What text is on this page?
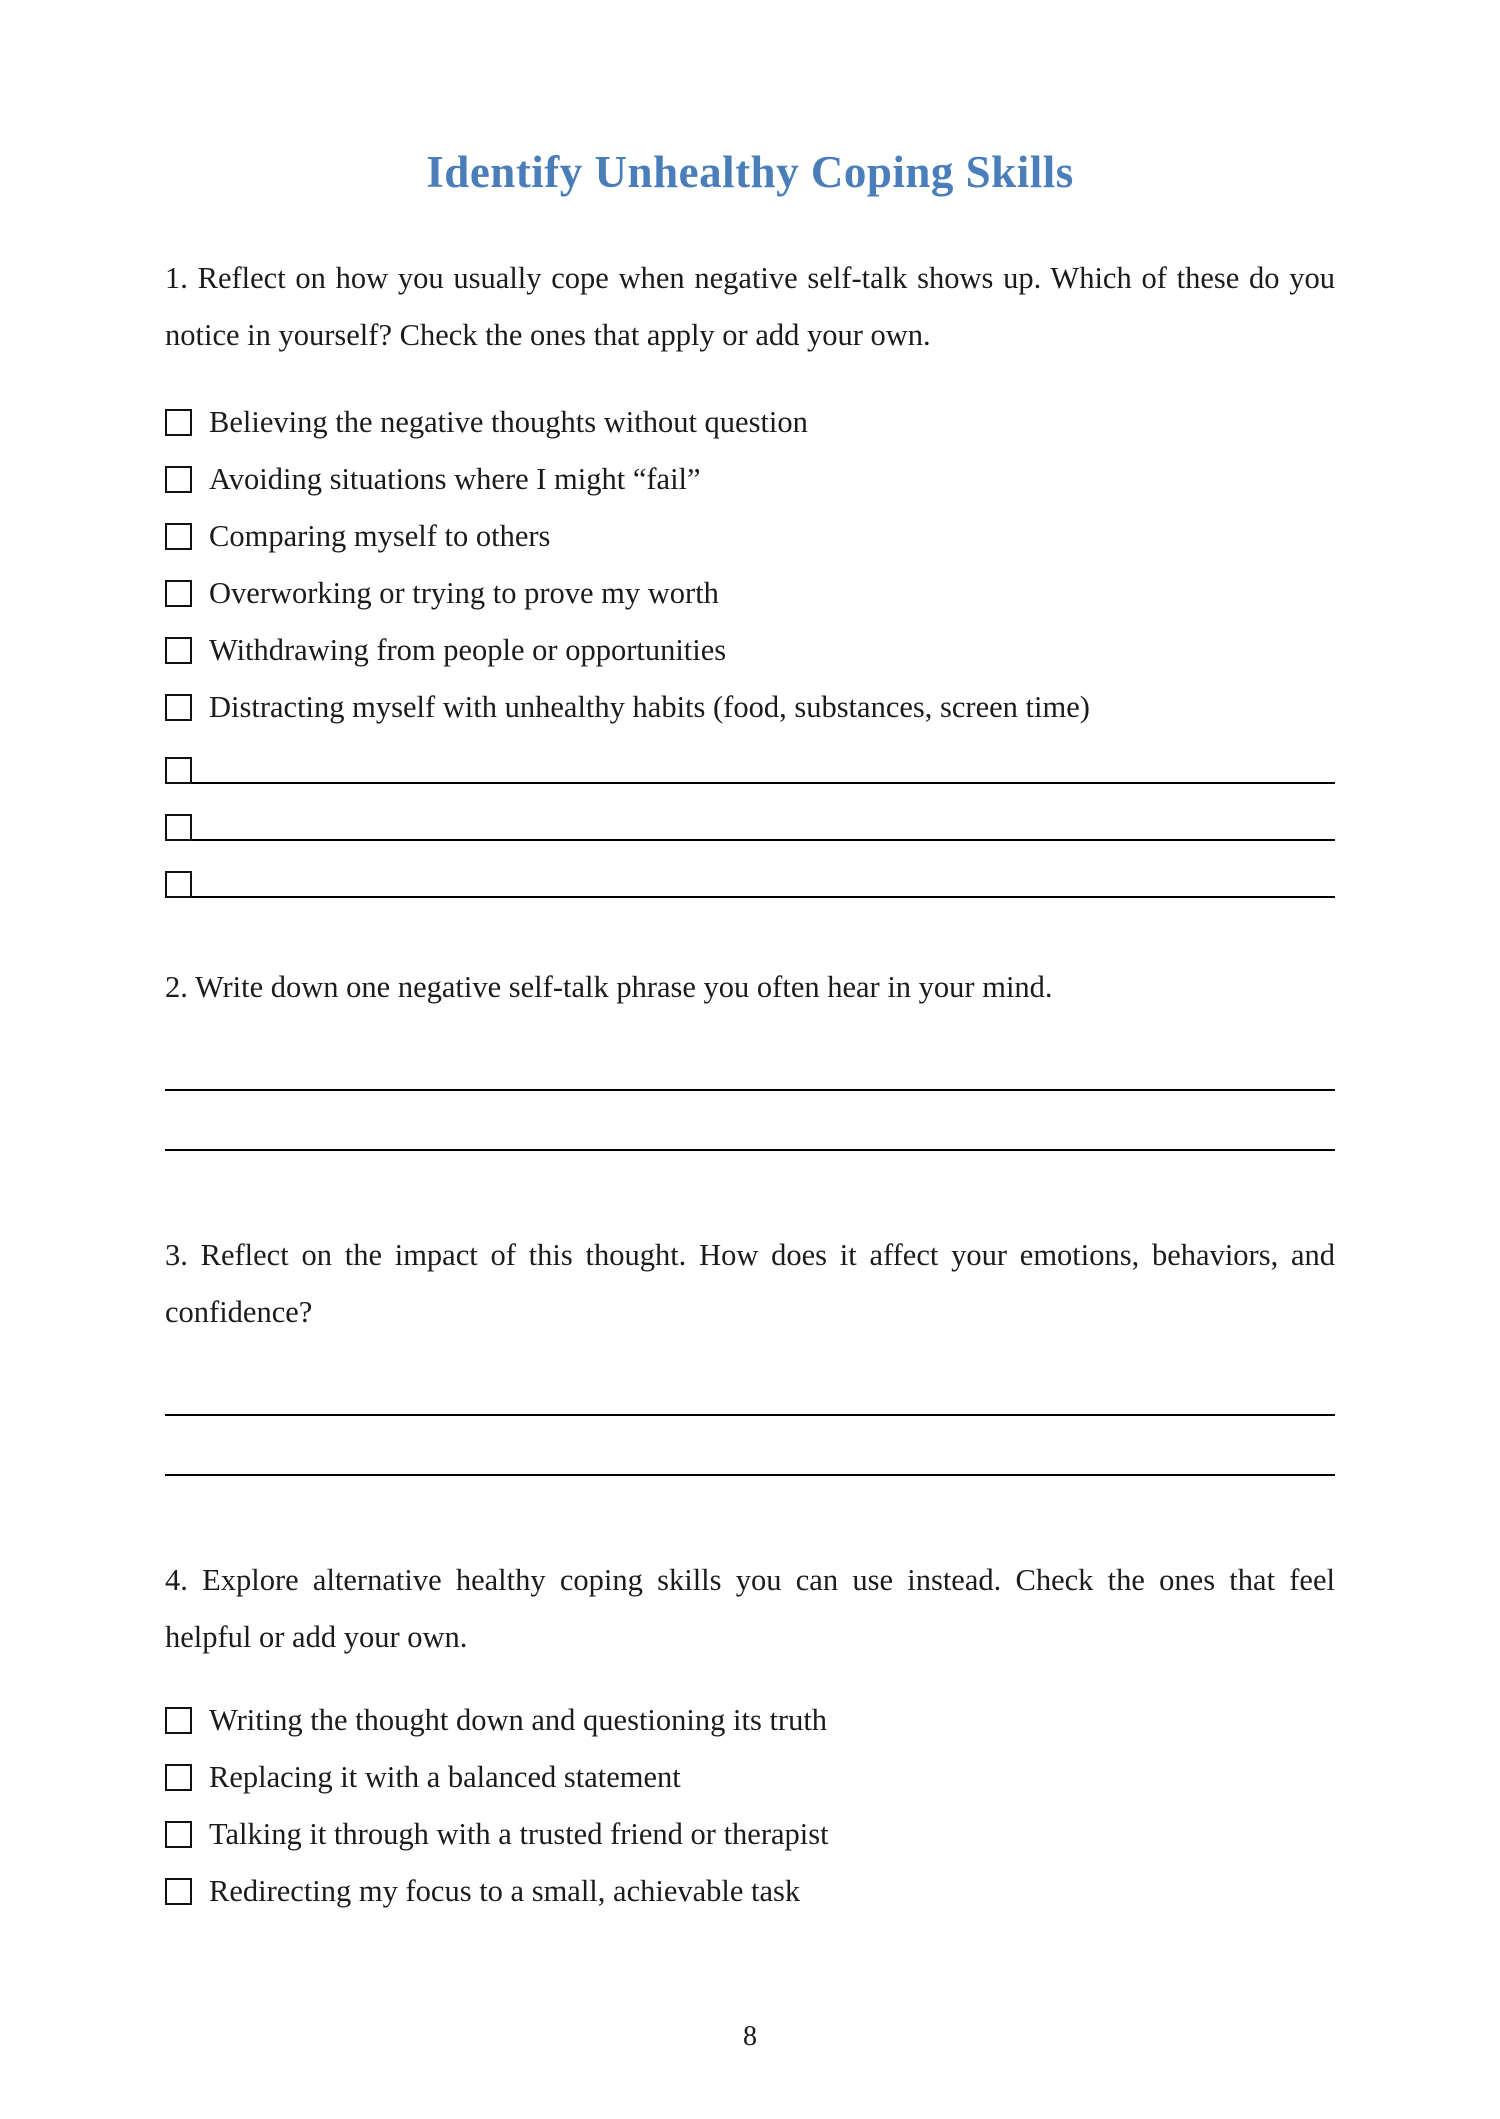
Identify Unhealthy Coping Skills

1. Reflect on how you usually cope when negative self-talk shows up. Which of these do you notice in yourself? Check the ones that apply or add your own.

Believing the negative thoughts without question
Avoiding situations where I might “fail”
Comparing myself to others
Overworking or trying to prove my worth
Withdrawing from people or opportunities
Distracting myself with unhealthy habits (food, substances, screen time)

2. Write down one negative self-talk phrase you often hear in your mind.

3. Reflect on the impact of this thought. How does it affect your emotions, behaviors, and confidence?

4. Explore alternative healthy coping skills you can use instead. Check the ones that feel helpful or add your own.

Writing the thought down and questioning its truth
Replacing it with a balanced statement
Talking it through with a trusted friend or therapist
Redirecting my focus to a small, achievable task
8
